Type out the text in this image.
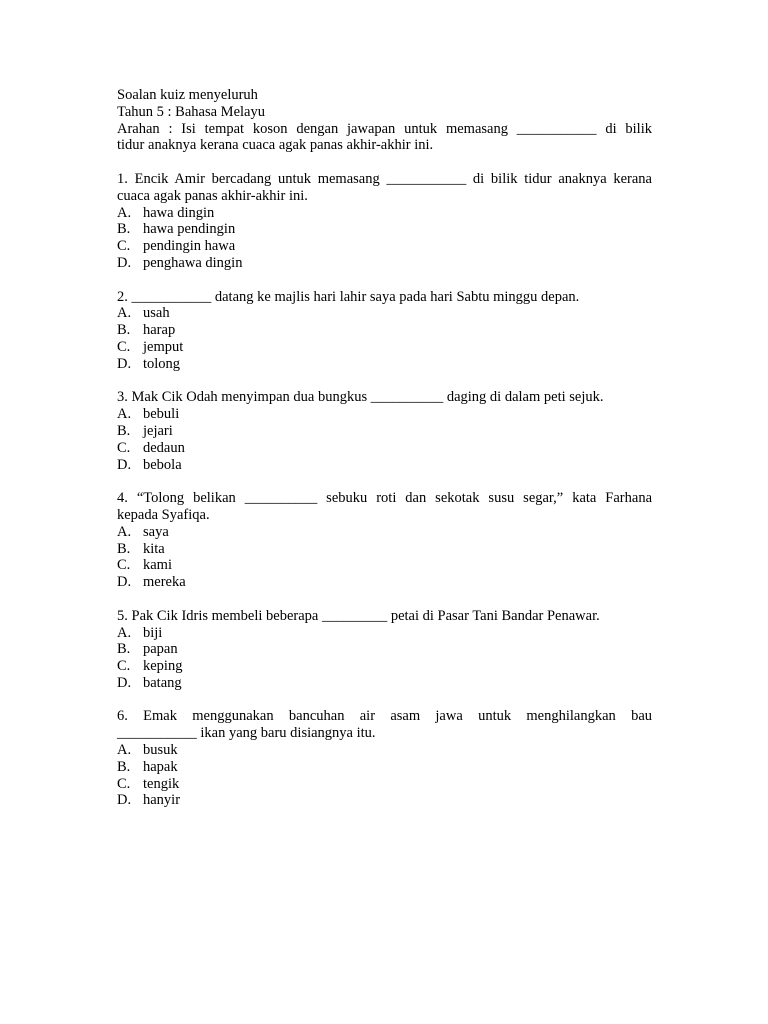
Soalan kuiz menyeluruh
Tahun 5 : Bahasa Melayu
Arahan : Isi tempat koson dengan jawapan untuk memasang ___________ di bilik
tidur anaknya kerana cuaca agak panas akhir-akhir ini.
1. Encik Amir bercadang untuk memasang ___________ di bilik tidur anaknya kerana
cuaca agak panas akhir-akhir ini.
A. hawa dingin
B. hawa pendingin
C. pendingin hawa
D. penghawa dingin
2. ___________ datang ke majlis hari lahir saya pada hari Sabtu minggu depan.
A. usah
B. harap
C. jemput
D. tolong
3. Mak Cik Odah menyimpan dua bungkus __________ daging di dalam peti sejuk.
A. bebuli
B. jejari
C. dedaun
D. bebola
4. “Tolong belikan __________ sebuku roti dan sekotak susu segar,” kata Farhana
kepada Syafiqa.
A. saya
B. kita
C. kami
D. mereka
5. Pak Cik Idris membeli beberapa _________ petai di Pasar Tani Bandar Penawar.
A. biji
B. papan
C. keping
D. batang
6. Emak menggunakan bancuhan air asam jawa untuk menghilangkan bau
___________ ikan yang baru disiangnya itu.
A. busuk
B. hapak
C. tengik
D. hanyir
